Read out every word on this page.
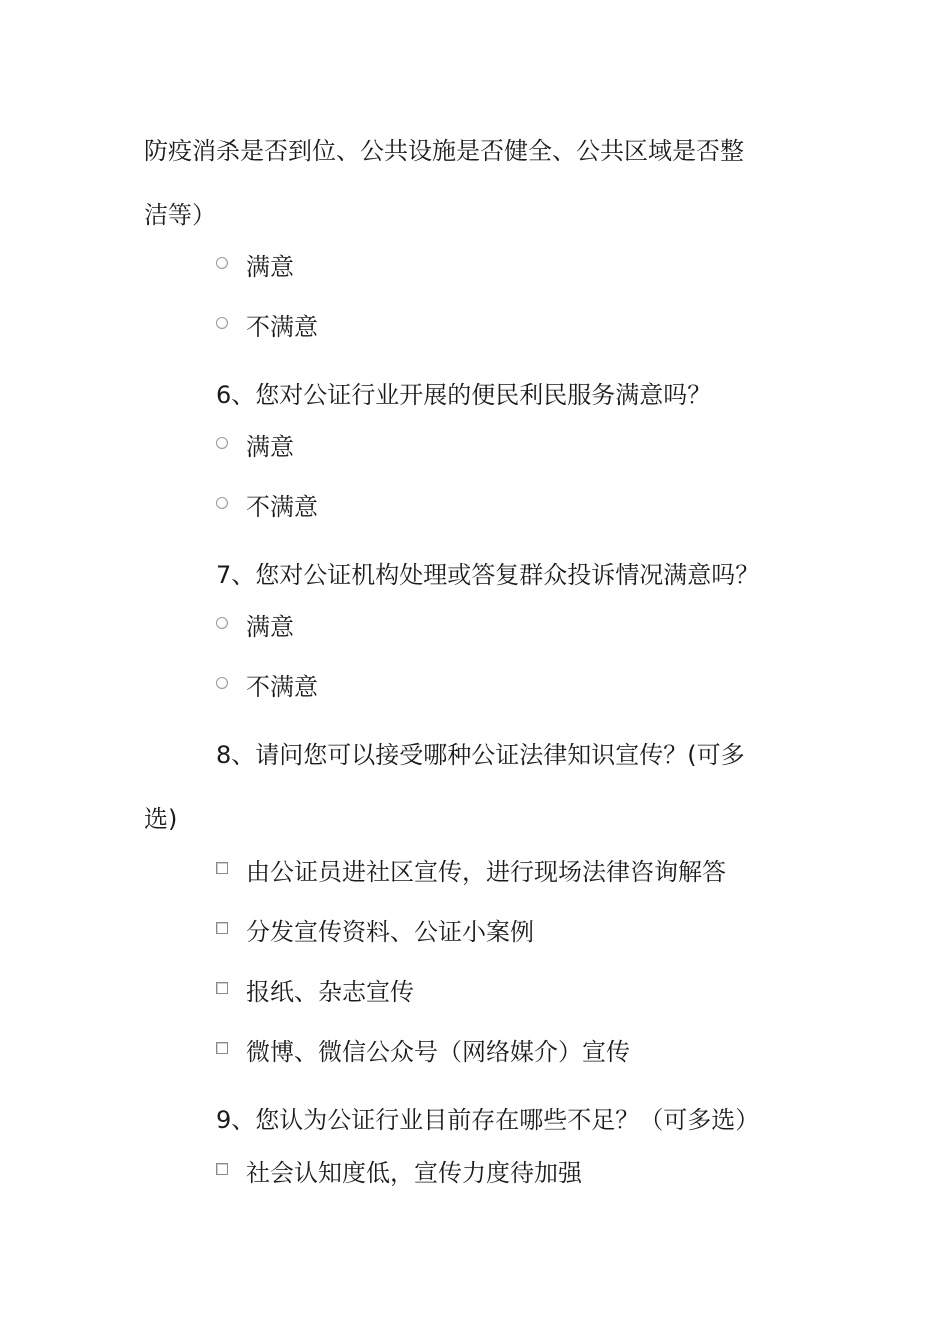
防疫消杀是否到位、公共设施是否健全、公共区域是否整
洁等）
满意
不满意
6、您对公证行业开展的便民利民服务满意吗？
满意
不满意
7、您对公证机构处理或答复群众投诉情况满意吗？
满意
不满意
8、请问您可以接受哪种公证法律知识宣传？(可多
选)
由公证员进社区宣传，进行现场法律咨询解答
分发宣传资料、公证小案例
报纸、杂志宣传
微博、微信公众号（网络媒介）宣传
9、您认为公证行业目前存在哪些不足？（可多选）
社会认知度低，宣传力度待加强
